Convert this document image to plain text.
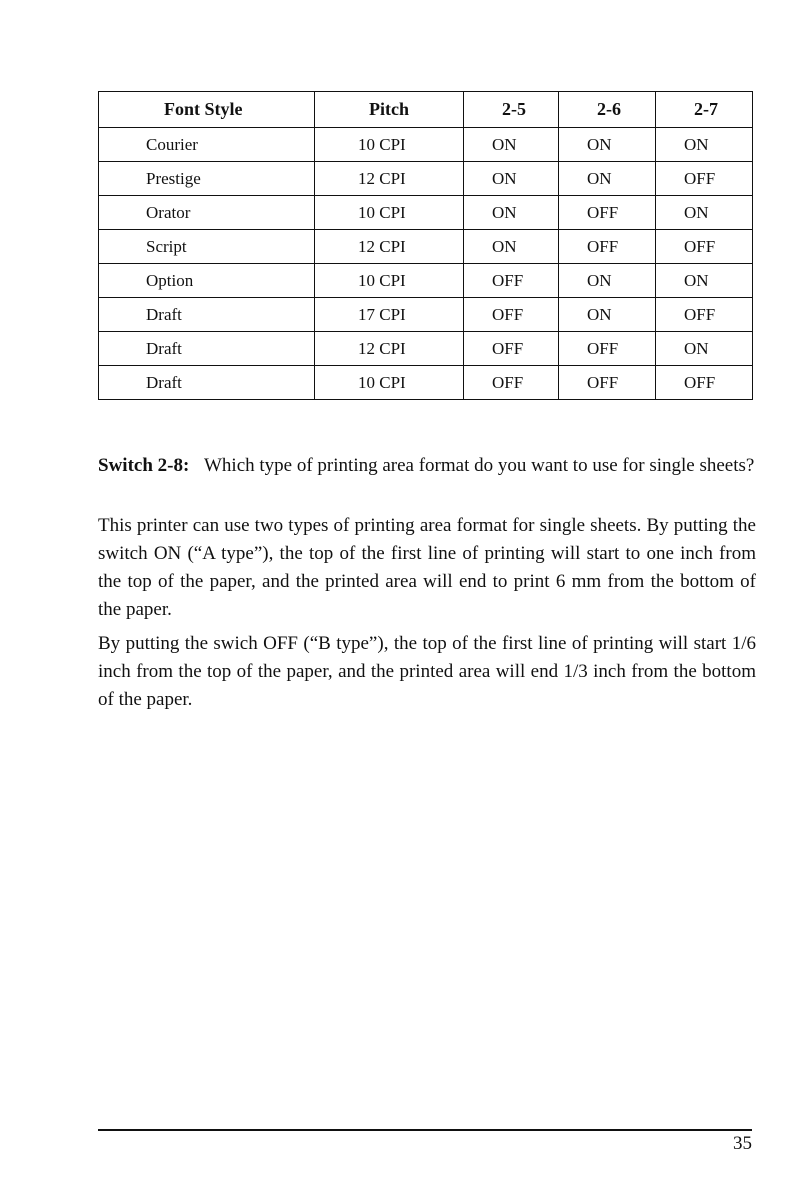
Font Style	Pitch	2-5	2-6	2-7
Courier	10 CPI	ON	ON	ON
Prestige	12 CPI	ON	ON	OFF
Orator	10 CPI	ON	OFF	ON
Script	12 CPI	ON	OFF	OFF
Option	10 CPI	OFF	ON	ON
Draft	17 CPI	OFF	ON	OFF
Draft	12 CPI	OFF	OFF	ON
Draft	10 CPI	OFF	OFF	OFF
Switch 2-8: Which type of printing area format do you want to use for single sheets?

This printer can use two types of printing area format for single sheets. By putting the switch ON (“A type”), the top of the first line of printing will start to one inch from the top of the paper, and the printed area will end to print 6 mm from the bottom of the paper.

By putting the swich OFF (“B type”), the top of the first line of printing will start 1/6 inch from the top of the paper, and the printed area will end 1/3 inch from the bottom of the paper.

35
